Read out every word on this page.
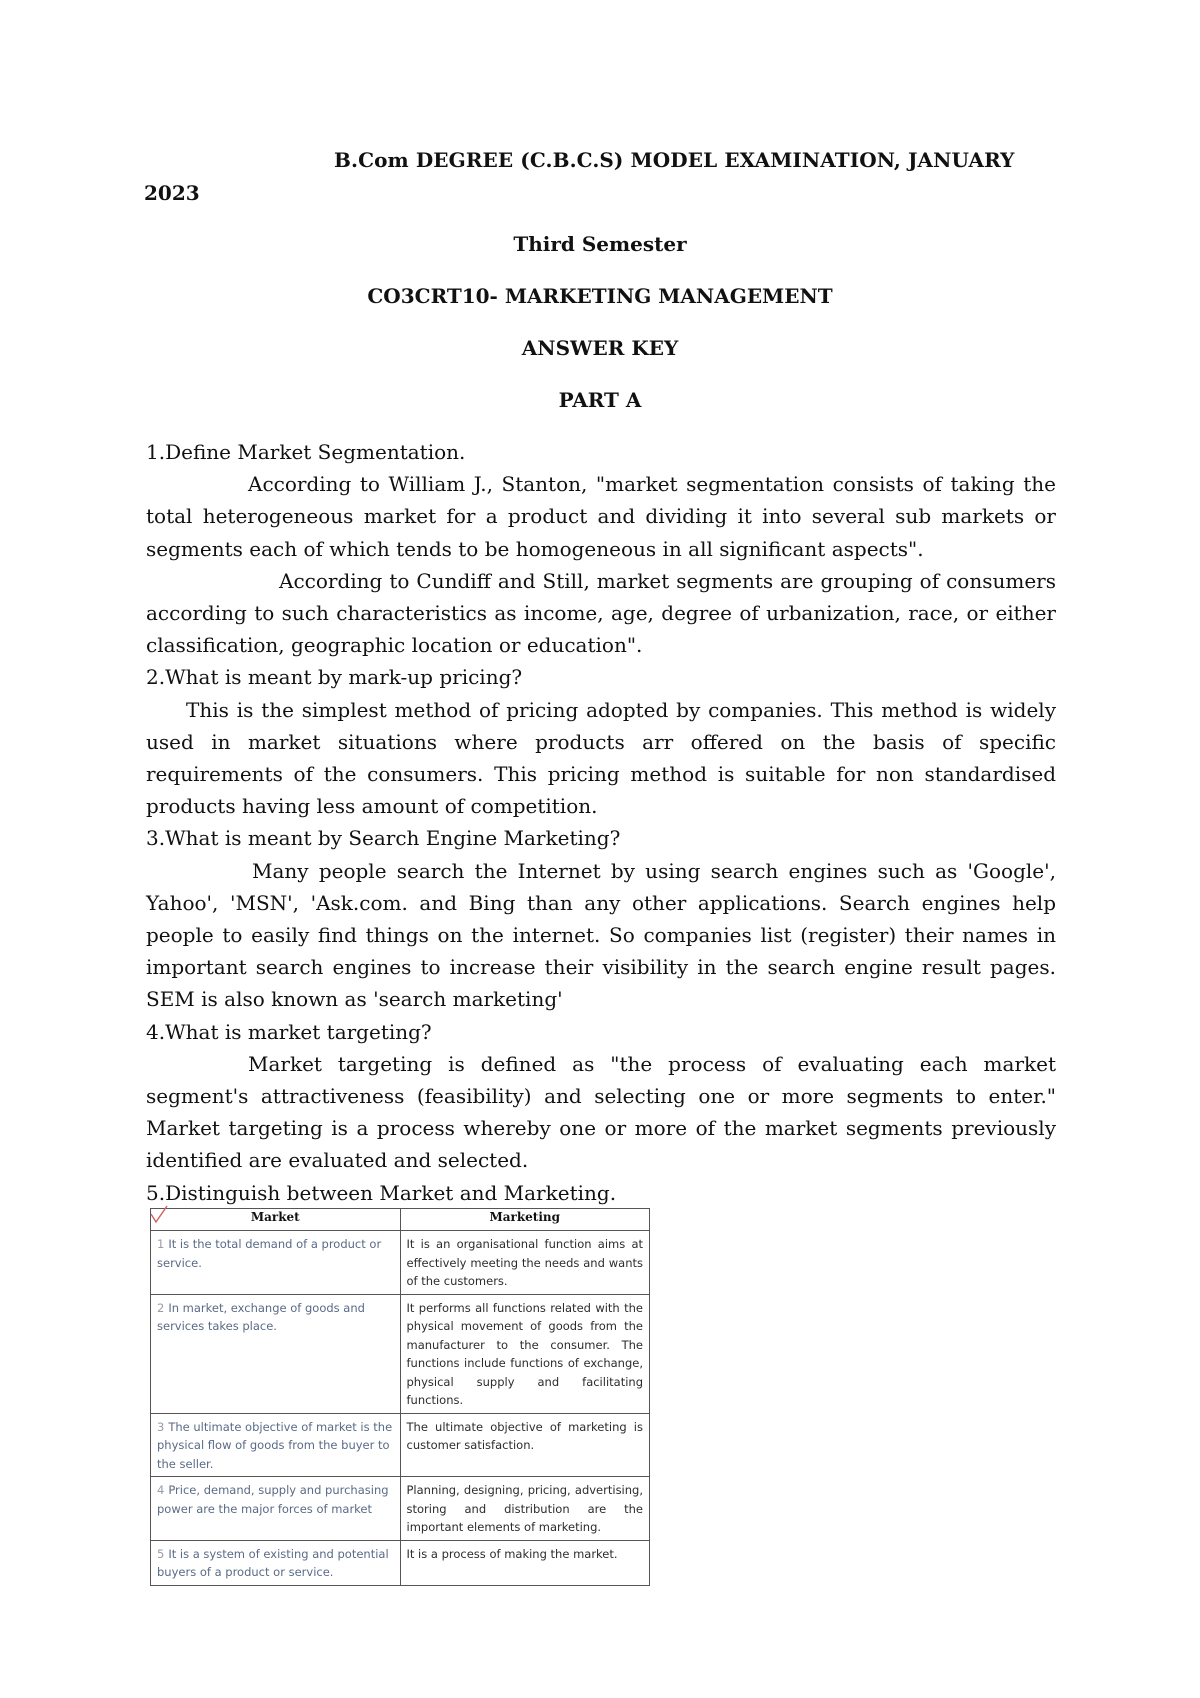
B.Com DEGREE (C.B.C.S) MODEL EXAMINATION, JANUARY
2023
Third Semester
CO3CRT10- MARKETING MANAGEMENT
ANSWER KEY
PART A

1.Define Market Segmentation.

According to William J., Stanton, "market segmentation consists of taking the total heterogeneous market for a product and dividing it into several sub markets or segments each of which tends to be homogeneous in all significant aspects".

According to Cundiff and Still, market segments are grouping of consumers according to such characteristics as income, age, degree of urbanization, race, or either classification, geographic location or education".

2.What is meant by mark-up pricing?

This is the simplest method of pricing adopted by companies. This method is widely used in market situations where products arr offered on the basis of specific requirements of the consumers. This pricing method is suitable for non standardised products having less amount of competition.

3.What is meant by Search Engine Marketing?

Many people search the Internet by using search engines such as 'Google', Yahoo', 'MSN', 'Ask.com. and Bing than any other applications. Search engines help people to easily find things on the internet. So companies list (register) their names in important search engines to increase their visibility in the search engine result pages. SEM is also known as 'search marketing'

4.What is market targeting?

Market targeting is defined as "the process of evaluating each market segment's attractiveness (feasibility) and selecting one or more segments to enter." Market targeting is a process whereby one or more of the market segments previously identified are evaluated and selected.

5.Distinguish between Market and Marketing.

Market	Marketing
1 It is the total demand of a product or service.	It is an organisational function aims at effectively meeting the needs and wants of the customers.
2 In market, exchange of goods and services takes place.	It performs all functions related with the physical movement of goods from the manufacturer to the consumer. The functions include functions of exchange, physical supply and facilitating functions.
3 The ultimate objective of market is the physical flow of goods from the buyer to the seller.	The ultimate objective of marketing is customer satisfaction.
4 Price, demand, supply and purchasing power are the major forces of market	Planning, designing, pricing, advertising, storing and distribution are the important elements of marketing.
5 It is a system of existing and potential buyers of a product or service.	It is a process of making the market.
